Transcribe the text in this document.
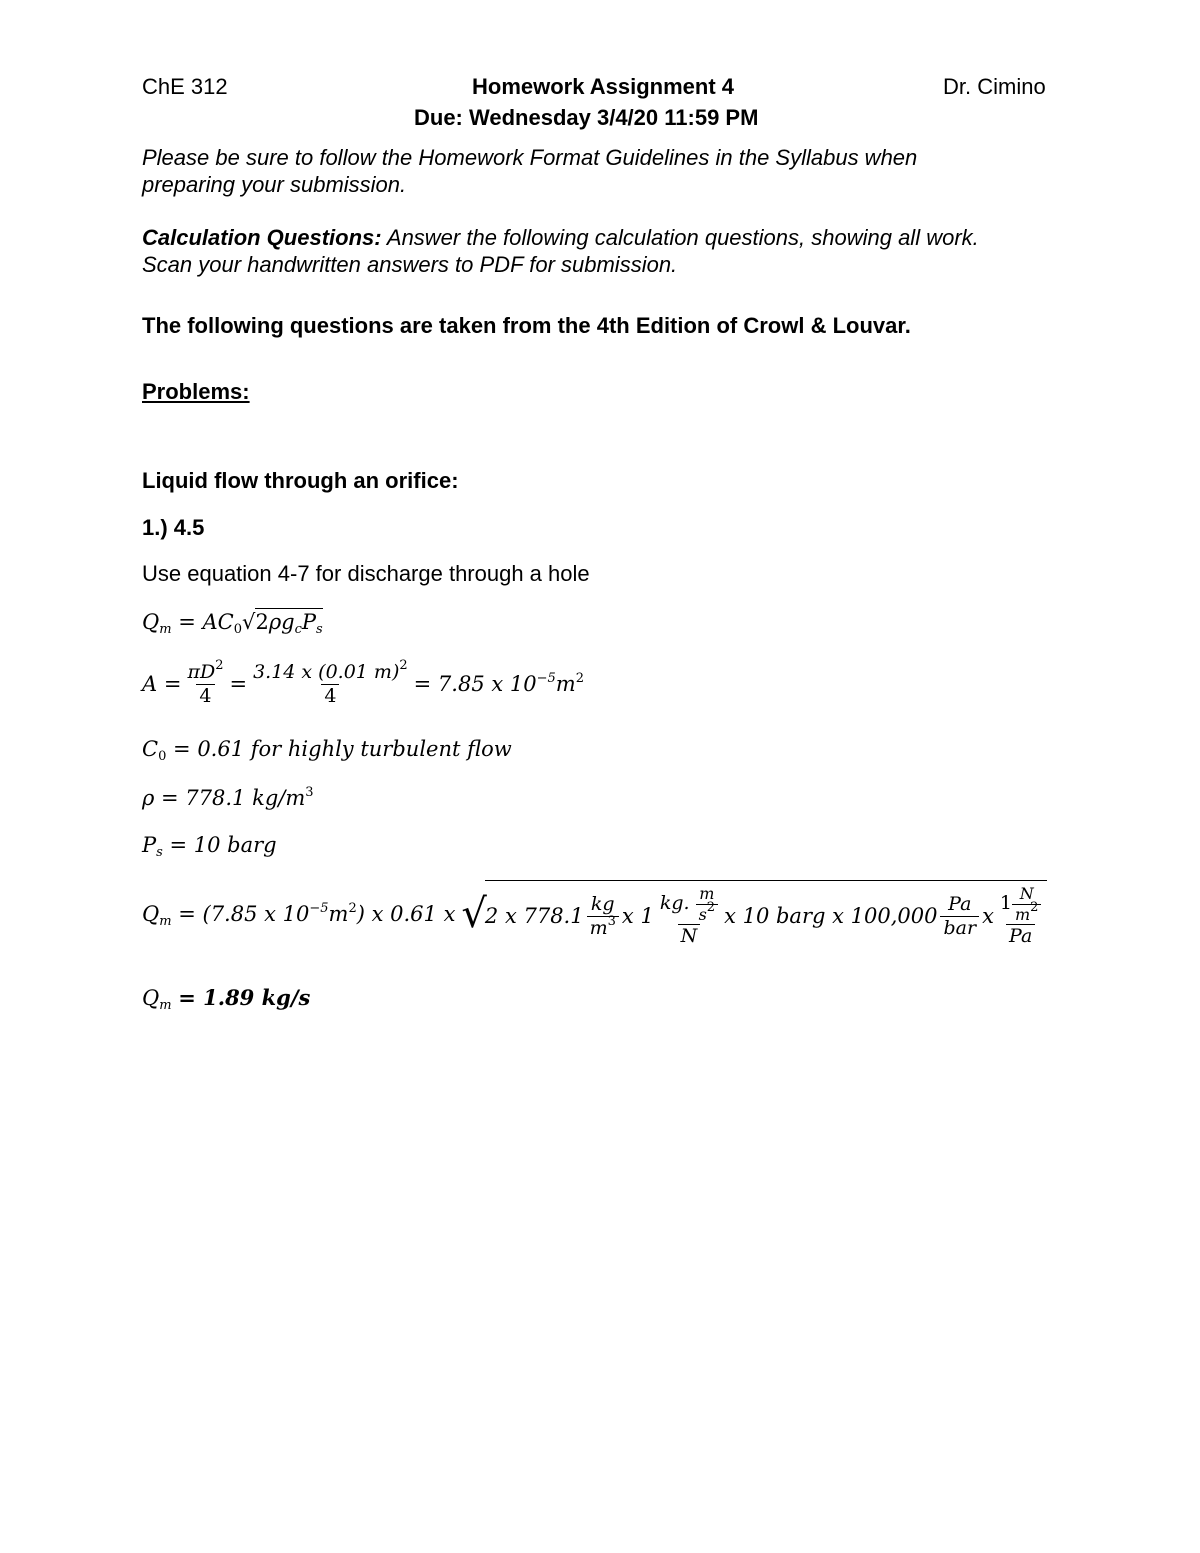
ChE 312	Homework Assignment 4	Dr. Cimino
Due: Wednesday 3/4/20 11:59 PM
Please be sure to follow the Homework Format Guidelines in the Syllabus when
preparing your submission.
Calculation Questions: Answer the following calculation questions, showing all work.
Scan your handwritten answers to PDF for submission.
The following questions are taken from the 4th Edition of Crowl & Louvar.
Problems:
Liquid flow through an orifice:
1.) 4.5
Use equation 4-7 for discharge through a hole
$Q_m = AC_0√2\rho g_cP_s$
$A = \frac{\pi D^2}{4} = \frac{3.14 x (0.01 m)^2}{4} = 7.85$ x $10^{-5}m^2$
$C_0 = 0.61$ for highly turbulent flow
ρ = 778.1 $kg/m^3$
$P_s = 10$ barg
$Q_m = (7.85$ x $10^{-5}m^2$) x 0.61 x √
2 x $778.1 \frac{kg}{m^3}$ x $1 \frac{kg. \frac{m}{s^2}}{N}$ x 10 barg x $100,000 \frac{Pa}{\text{bar}}$ x $\frac{1 \frac{N}{m^2}}{Pa}$
$Q_m = 1.89$ kg/s
